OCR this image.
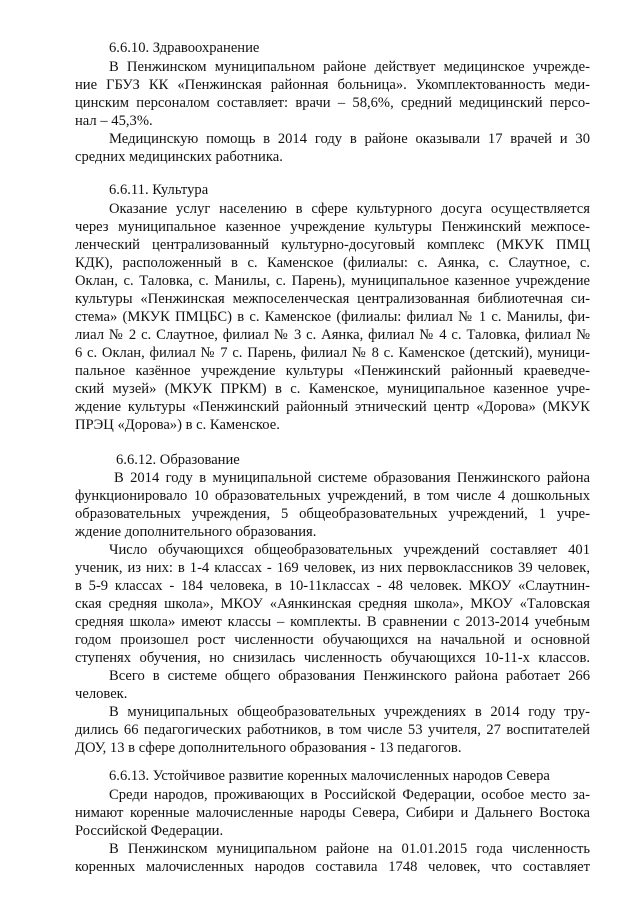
6.6.10. Здравоохранение
В Пенжинском муниципальном районе действует медицинское учрежде-
ние ГБУЗ КК «Пенжинская районная больница». Укомплектованность меди-
цинским персоналом составляет: врачи – 58,6%, средний медицинский персо-
нал – 45,3%.
Медицинскую помощь в 2014 году в районе оказывали 17 врачей и 30
средних медицинских работника.
6.6.11. Культура
Оказание услуг населению в сфере культурного досуга осуществляется
через муниципальное казенное учреждение культуры Пенжинский межпосе-
ленческий централизованный культурно-досуговый комплекс (МКУК ПМЦ
КДК), расположенный в с. Каменское (филиалы: с. Аянка, с. Слаутное, с.
Оклан, с. Таловка, с. Манилы, с. Парень), муниципальное казенное учреждение
культуры «Пенжинская межпоселенческая централизованная библиотечная си-
стема» (МКУК ПМЦБС) в с. Каменское (филиалы: филиал № 1 с. Манилы, фи-
лиал № 2 с. Слаутное, филиал № 3 с. Аянка, филиал № 4 с. Таловка, филиал №
6 с. Оклан, филиал № 7 с. Парень, филиал № 8 с. Каменское (детский), муници-
пальное казённое учреждение культуры «Пенжинский районный краеведче-
ский музей» (МКУК ПРКМ) в с. Каменское, муниципальное казенное учре-
ждение культуры «Пенжинский районный этнический центр «Дорова» (МКУК
ПРЭЦ «Дорова») в с. Каменское.
6.6.12. Образование
В 2014 году в муниципальной системе образования Пенжинского района
функционировало 10 образовательных учреждений, в том числе 4 дошкольных
образовательных учреждения, 5 общеобразовательных учреждений, 1 учре-
ждение дополнительного образования.
Число обучающихся общеобразовательных учреждений составляет 401
ученик, из них: в 1-4 классах - 169 человек, из них первоклассников 39 человек,
в 5-9 классах - 184 человека, в 10-11классах - 48 человек. МКОУ «Слаутнин-
ская средняя школа», МКОУ «Аянкинская средняя школа», МКОУ «Таловская
средняя школа» имеют классы – комплекты. В сравнении с 2013-2014 учебным
годом произошел рост численности обучающихся на начальной и основной
ступенях обучения, но снизилась численность обучающихся 10-11-х классов.
Всего в системе общего образования Пенжинского района работает 266
человек.
В муниципальных общеобразовательных учреждениях в 2014 году тру-
дились 66 педагогических работников, в том числе 53 учителя, 27 воспитателей
ДОУ, 13 в сфере дополнительного образования - 13 педагогов.
6.6.13. Устойчивое развитие коренных малочисленных народов Севера
Среди народов, проживающих в Российской Федерации, особое место за-
нимают коренные малочисленные народы Севера, Сибири и Дальнего Востока
Российской Федерации.
В Пенжинском муниципальном районе на 01.01.2015 года численность
коренных малочисленных народов составила 1748 человек, что составляет
